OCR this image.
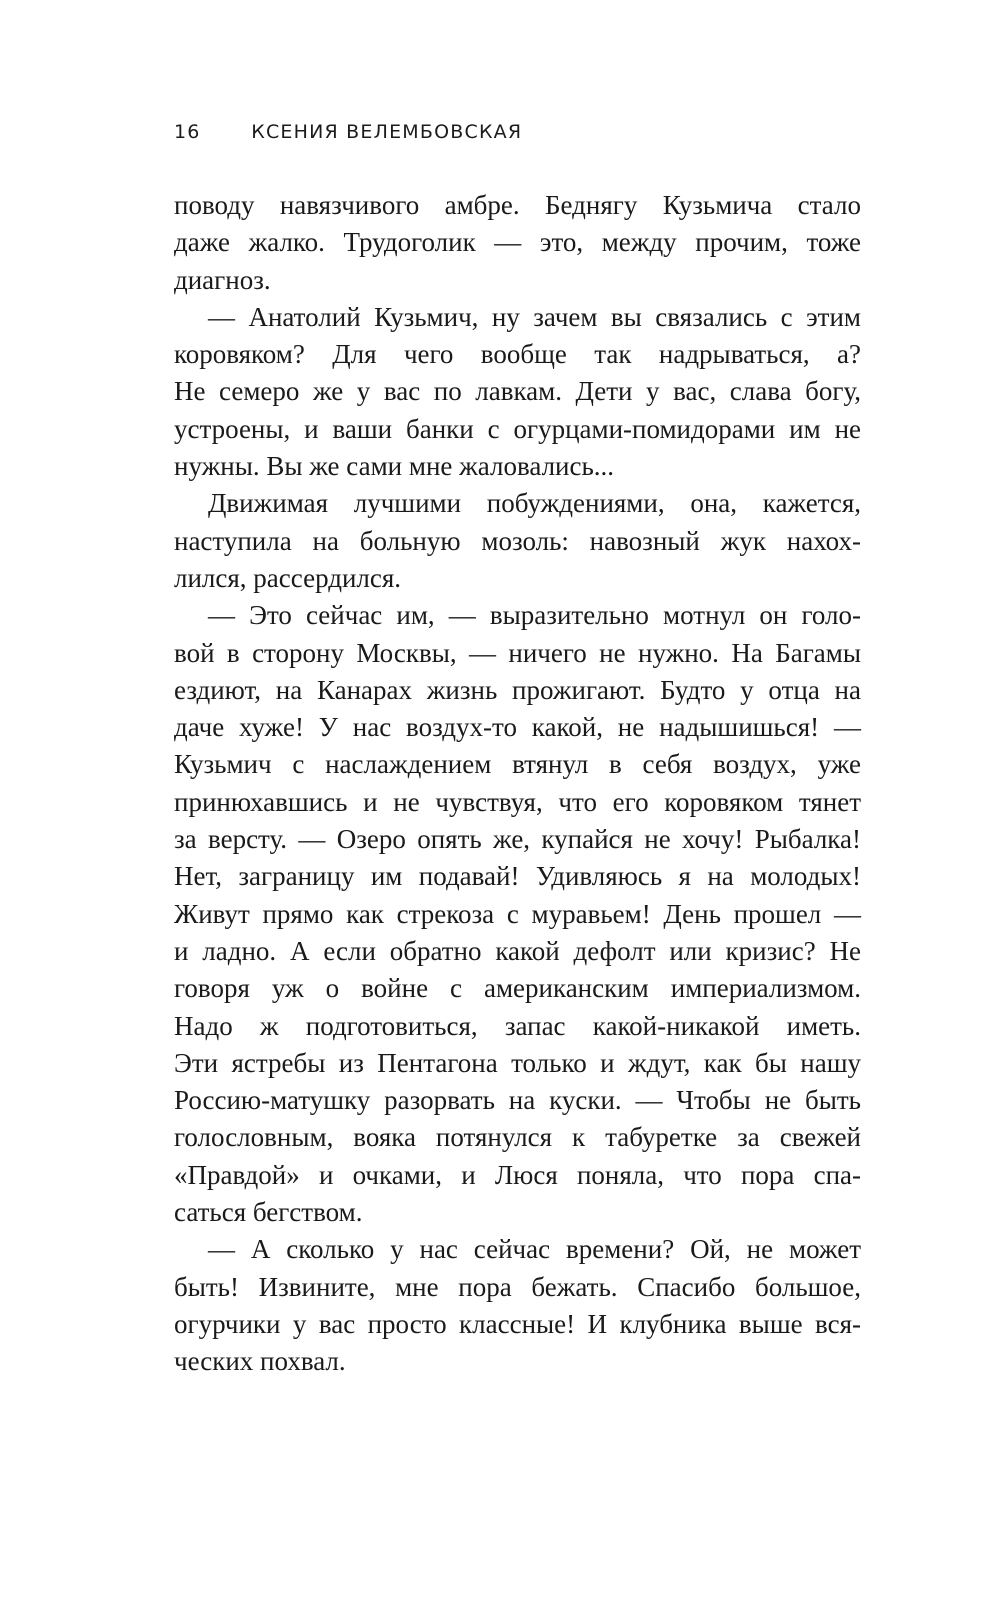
16	КСЕНИЯ ВЕЛЕМБОВСКАЯ
поводу навязчивого амбре. Беднягу Кузьмича стало
даже жалко. Трудоголик — это, между прочим, тоже
диагноз.
— Анатолий Кузьмич, ну зачем вы связались с этим
коровяком? Для чего вообще так надрываться, а?
Не семеро же у вас по лавкам. Дети у вас, слава богу,
устроены, и ваши банки с огурцами-помидорами им не
нужны. Вы же сами мне жаловались...
Движимая лучшими побуждениями, она, кажется,
наступила на больную мозоль: навозный жук нахох-
лился, рассердился.
— Это сейчас им, — выразительно мотнул он голо-
вой в сторону Москвы, — ничего не нужно. На Багамы
ездиют, на Канарах жизнь прожигают. Будто у отца на
даче хуже! У нас воздух-то какой, не надышишься! —
Кузьмич с наслаждением втянул в себя воздух, уже
принюхавшись и не чувствуя, что его коровяком тянет
за версту. — Озеро опять же, купайся не хочу! Рыбалка!
Нет, заграницу им подавай! Удивляюсь я на молодых!
Живут прямо как стрекоза с муравьем! День прошел —
и ладно. А если обратно какой дефолт или кризис? Не
говоря уж о войне с американским империализмом.
Надо ж подготовиться, запас какой-никакой иметь.
Эти ястребы из Пентагона только и ждут, как бы нашу
Россию-матушку разорвать на куски. — Чтобы не быть
голословным, вояка потянулся к табуретке за свежей
«Правдой» и очками, и Люся поняла, что пора спа-
саться бегством.
— А сколько у нас сейчас времени? Ой, не может
быть! Извините, мне пора бежать. Спасибо большое,
огурчики у вас просто классные! И клубника выше вся-
ческих похвал.
